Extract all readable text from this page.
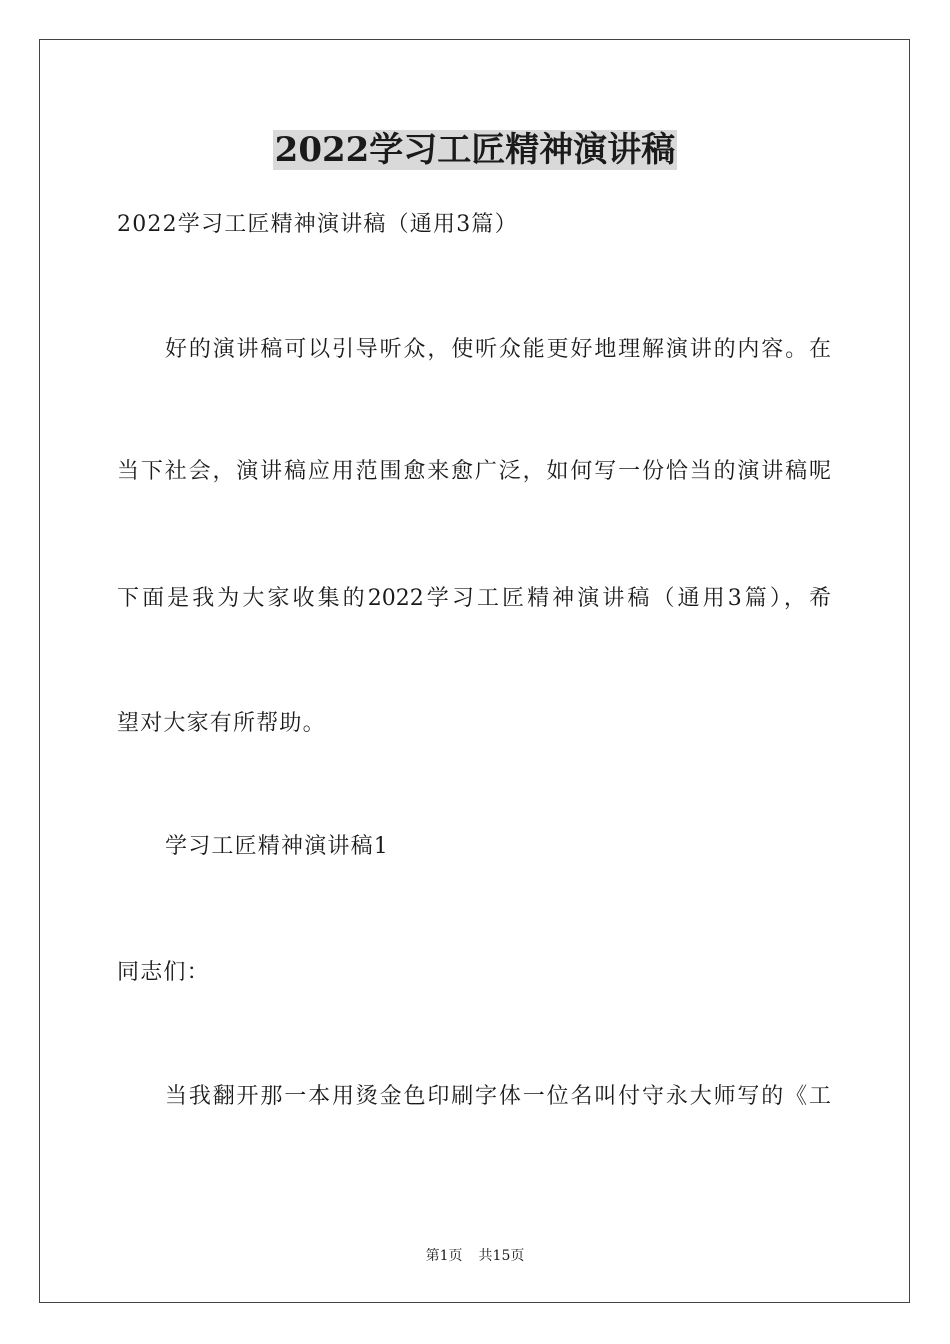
2022学习工匠精神演讲稿
2022学习工匠精神演讲稿（通用3篇）
好的演讲稿可以引导听众，使听众能更好地理解演讲的内容。在
当下社会，演讲稿应用范围愈来愈广泛，如何写一份恰当的演讲稿呢
下面是我为大家收集的2022学习工匠精神演讲稿（通用3篇），希
望对大家有所帮助。
学习工匠精神演讲稿1
同志们：
当我翻开那一本用烫金色印刷字体一位名叫付守永大师写的《工
第1页 共15页
